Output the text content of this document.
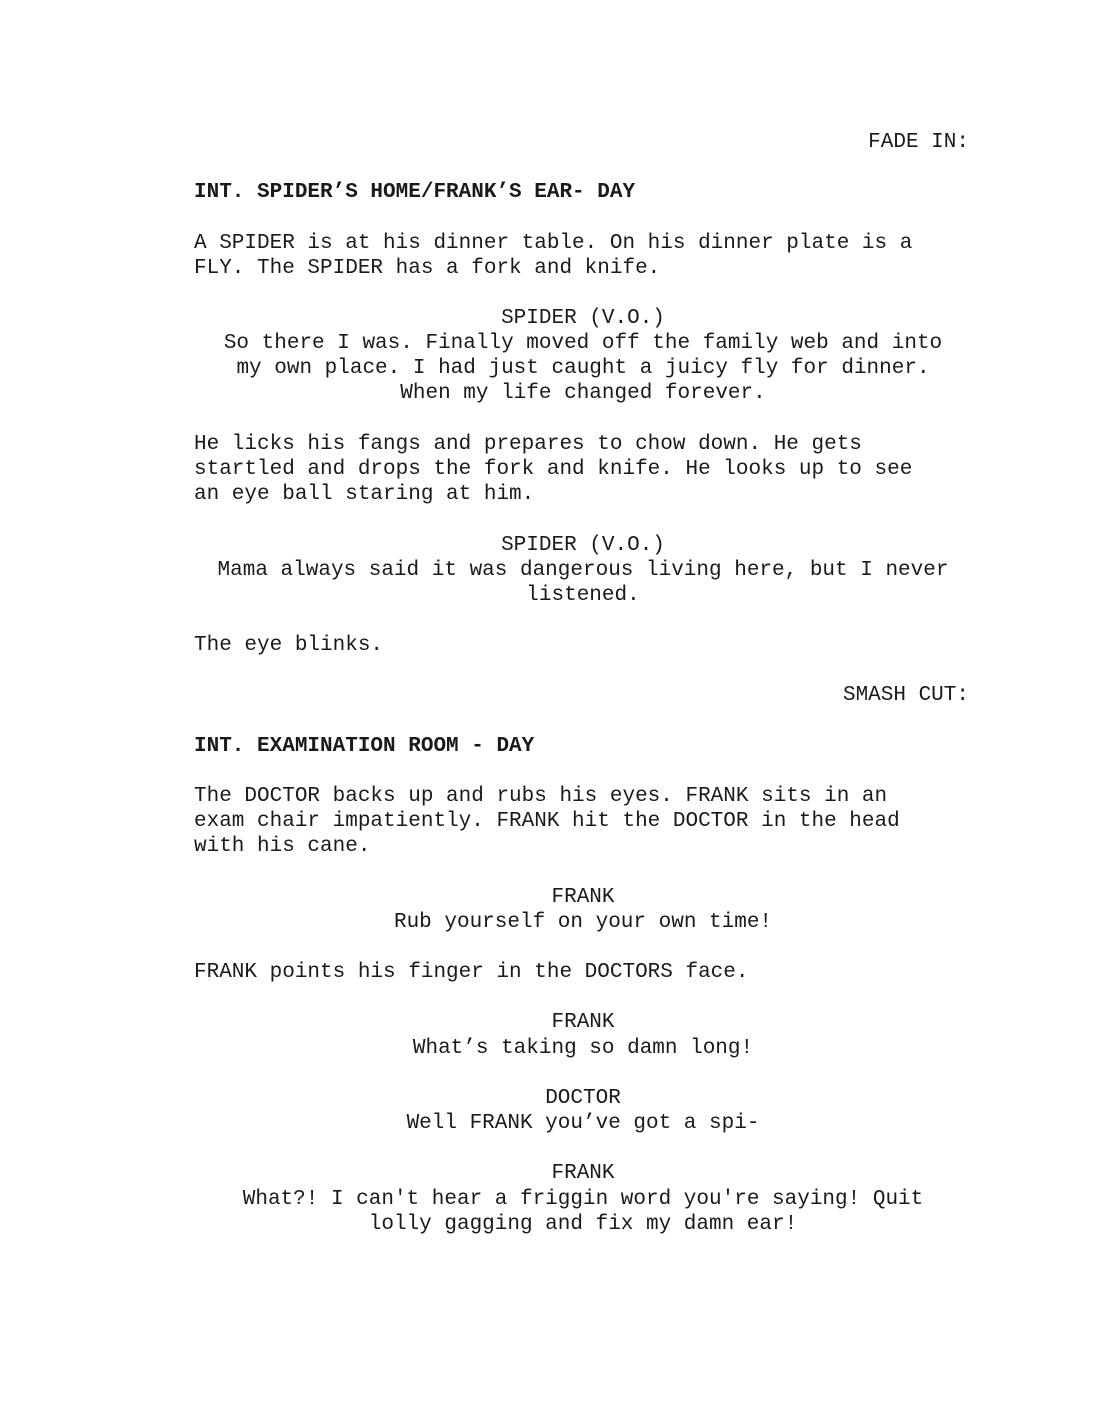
FADE IN:
INT. SPIDER’S HOME/FRANK’S EAR- DAY
A SPIDER is at his dinner table. On his dinner plate is a
FLY. The SPIDER has a fork and knife.
SPIDER (V.O.)
So there I was. Finally moved off the family web and into
my own place. I had just caught a juicy fly for dinner.
When my life changed forever.
He licks his fangs and prepares to chow down. He gets
startled and drops the fork and knife. He looks up to see
an eye ball staring at him.
SPIDER (V.O.)
Mama always said it was dangerous living here, but I never
listened.
The eye blinks.
SMASH CUT:
INT. EXAMINATION ROOM - DAY
The DOCTOR backs up and rubs his eyes. FRANK sits in an
exam chair impatiently. FRANK hit the DOCTOR in the head
with his cane.
FRANK
Rub yourself on your own time!
FRANK points his finger in the DOCTORS face.
FRANK
What’s taking so damn long!
DOCTOR
Well FRANK you’ve got a spi-
FRANK
What?! I can't hear a friggin word you're saying! Quit
lolly gagging and fix my damn ear!
